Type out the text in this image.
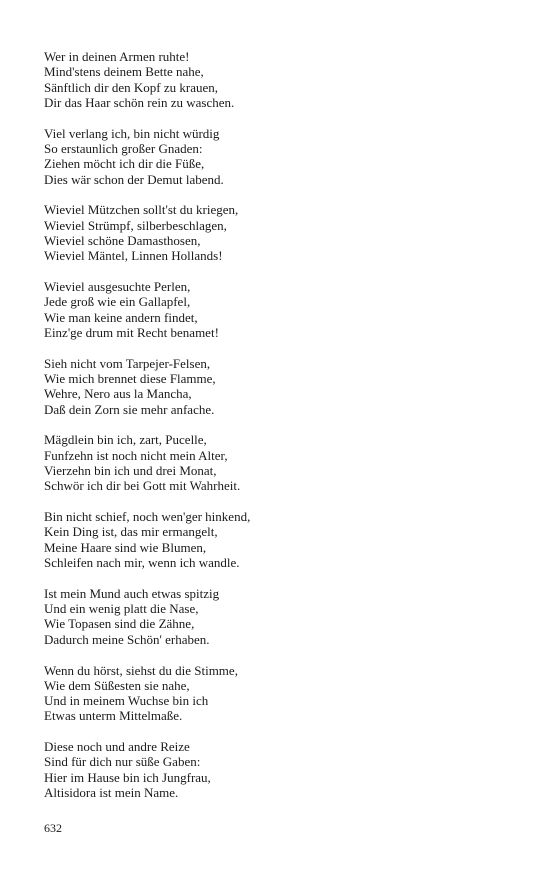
Wer in deinen Armen ruhte!
Mind'stens deinem Bette nahe,
Sänftlich dir den Kopf zu krauen,
Dir das Haar schön rein zu waschen.
Viel verlang ich, bin nicht würdig
So erstaunlich großer Gnaden:
Ziehen möcht ich dir die Füße,
Dies wär schon der Demut labend.
Wieviel Mützchen sollt'st du kriegen,
Wieviel Strümpf, silberbeschlagen,
Wieviel schöne Damasthosen,
Wieviel Mäntel, Linnen Hollands!
Wieviel ausgesuchte Perlen,
Jede groß wie ein Gallapfel,
Wie man keine andern findet,
Einz'ge drum mit Recht benamet!
Sieh nicht vom Tarpejer-Felsen,
Wie mich brennet diese Flamme,
Wehre, Nero aus la Mancha,
Daß dein Zorn sie mehr anfache.
Mägdlein bin ich, zart, Pucelle,
Funfzehn ist noch nicht mein Alter,
Vierzehn bin ich und drei Monat,
Schwör ich dir bei Gott mit Wahrheit.
Bin nicht schief, noch wen'ger hinkend,
Kein Ding ist, das mir ermangelt,
Meine Haare sind wie Blumen,
Schleifen nach mir, wenn ich wandle.
Ist mein Mund auch etwas spitzig
Und ein wenig platt die Nase,
Wie Topasen sind die Zähne,
Dadurch meine Schön' erhaben.
Wenn du hörst, siehst du die Stimme,
Wie dem Süßesten sie nahe,
Und in meinem Wuchse bin ich
Etwas unterm Mittelmaße.
Diese noch und andre Reize
Sind für dich nur süße Gaben:
Hier im Hause bin ich Jungfrau,
Altisidora ist mein Name.
632
